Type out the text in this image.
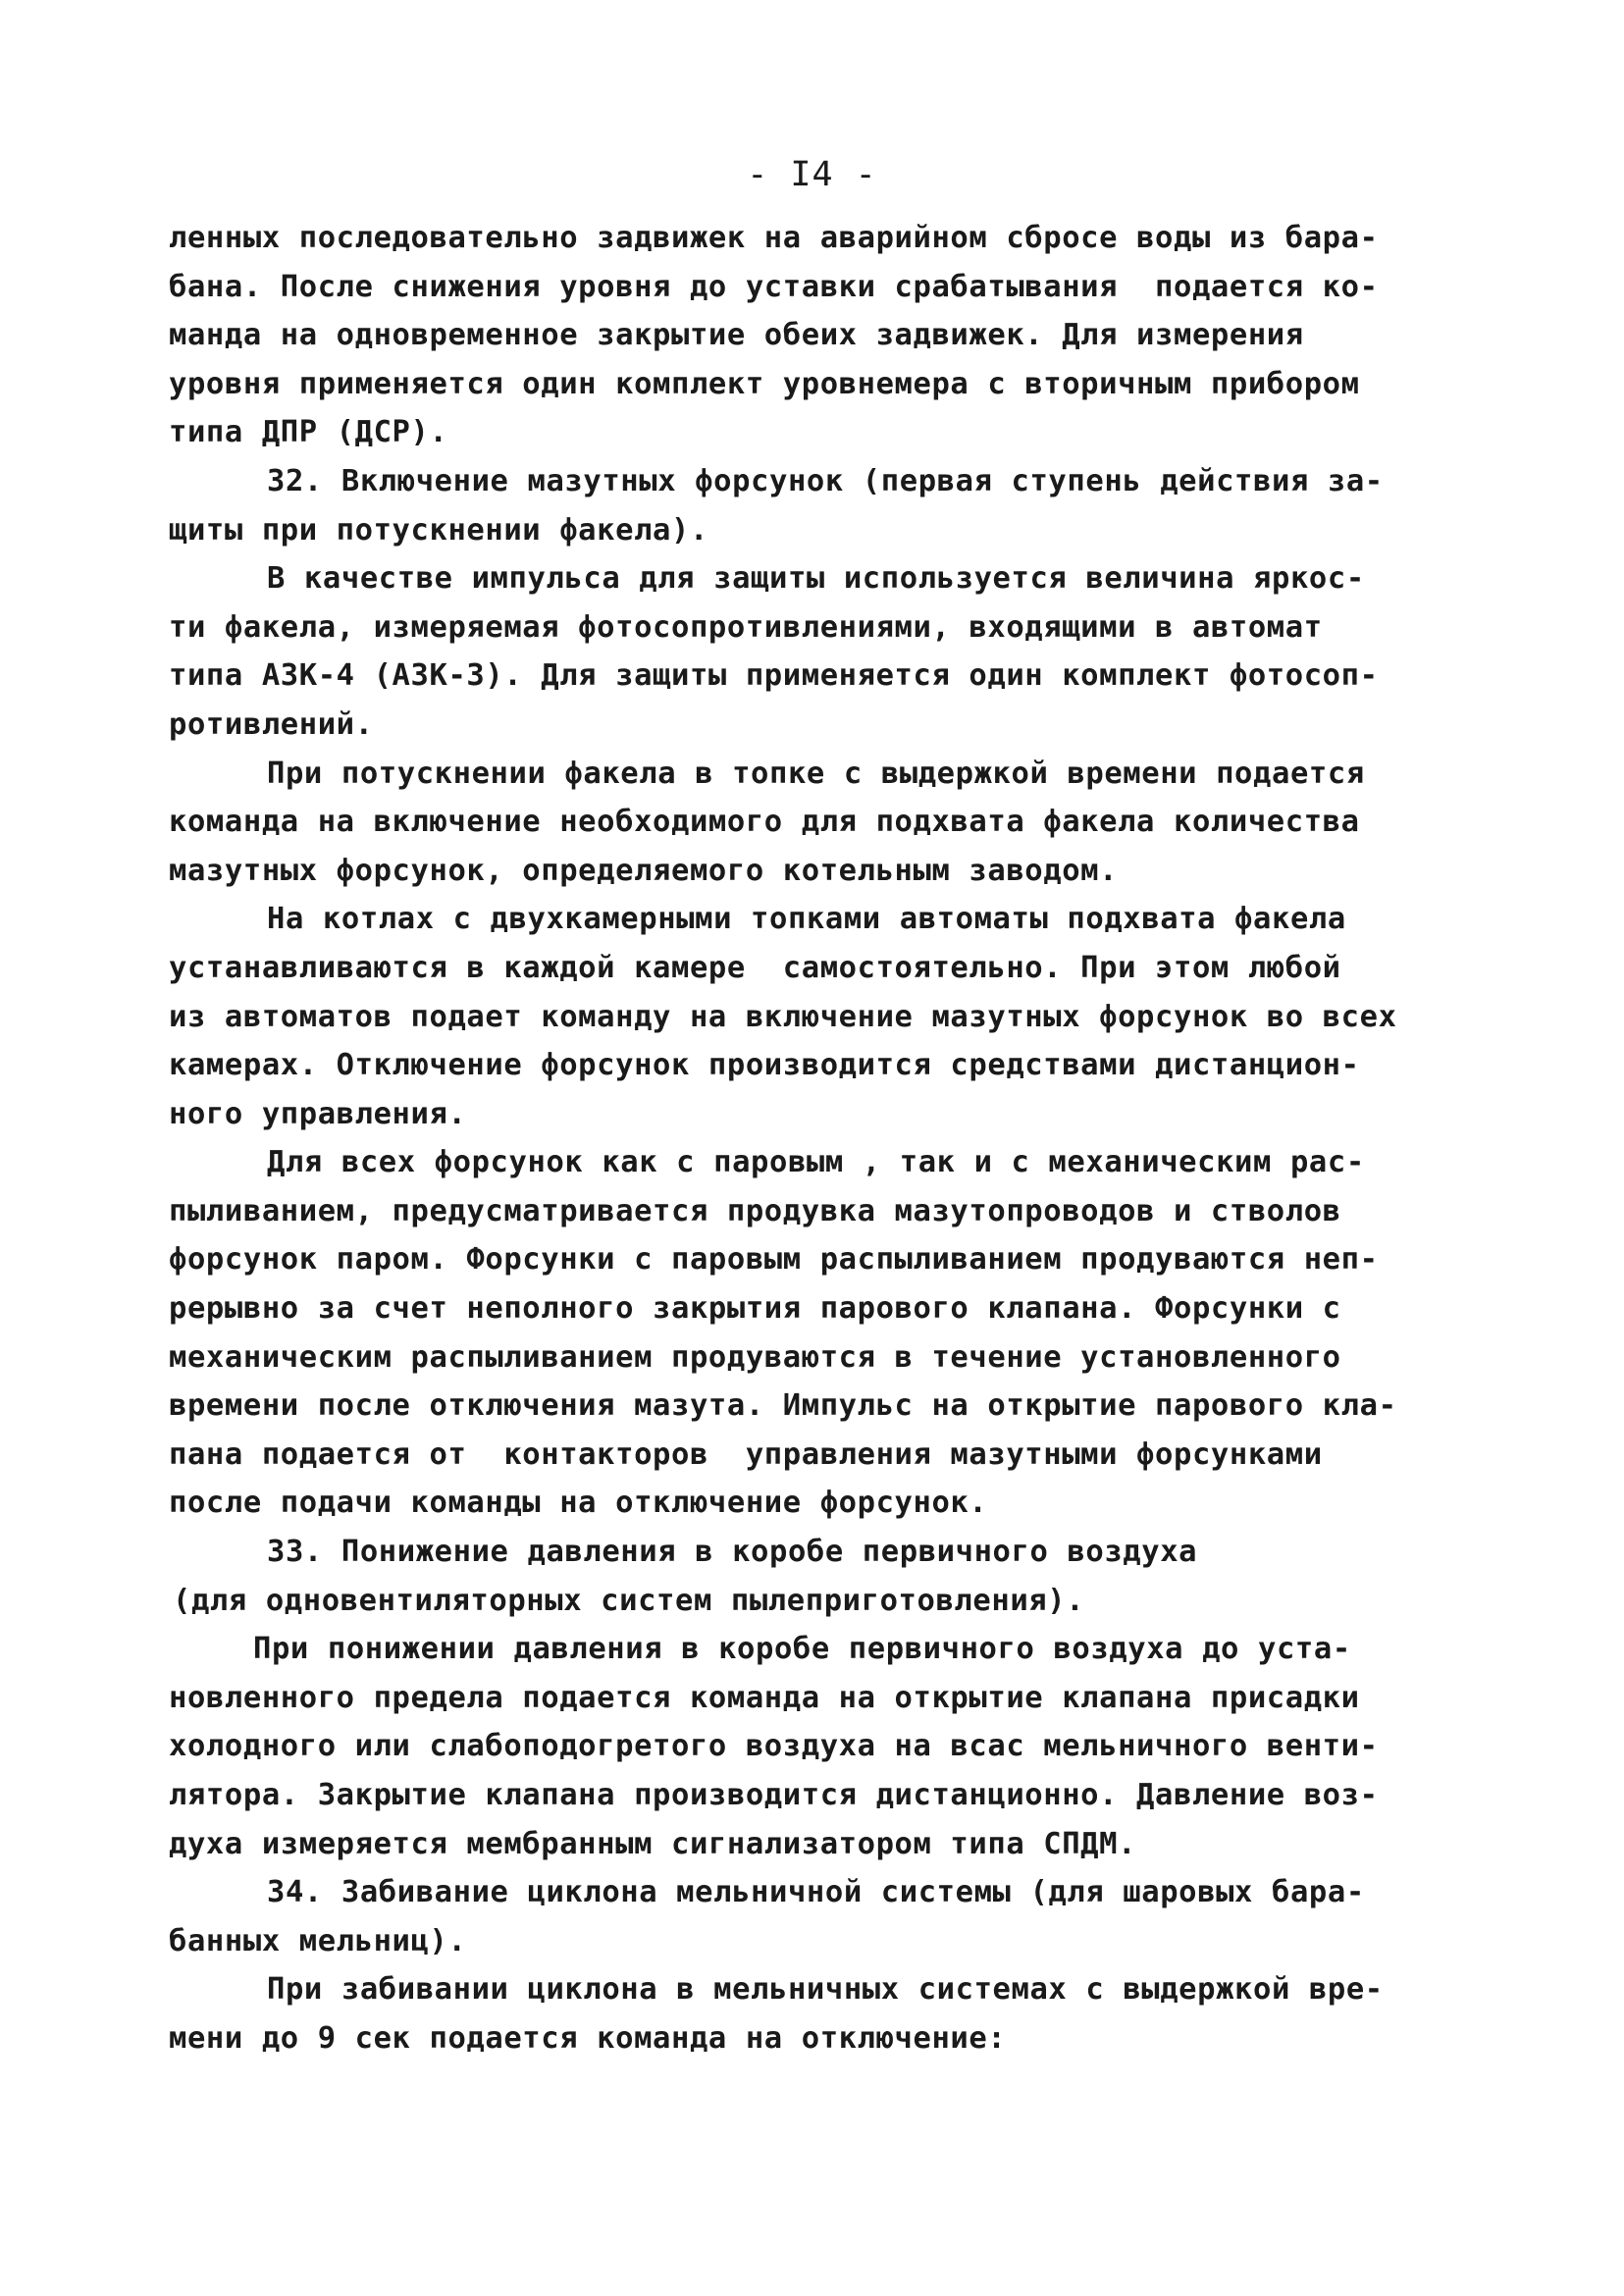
- I4 -
ленных последовательно задвижек на аварийном сбросе воды из бара-
бана. После снижения уровня до уставки срабатывания  подается ко-
манда на одновременное закрытие обеих задвижек. Для измерения
уровня применяется один комплект уровнемера с вторичным прибором
типа ДПР (ДСР).
32. Включение мазутных форсунок (первая ступень действия за-
щиты при потускнении факела).
В качестве импульса для защиты используется величина яркос-
ти факела, измеряемая фотосопротивлениями, входящими в автомат
типа АЗК-4 (АЗК-3). Для защиты применяется один комплект фотосоп-
ротивлений.
При потускнении факела в топке с выдержкой времени подается
команда на включение необходимого для подхвата факела количества
мазутных форсунок, определяемого котельным заводом.
На котлах с двухкамерными топками автоматы подхвата факела
устанавливаются в каждой камере  самостоятельно. При этом любой
из автоматов подает команду на включение мазутных форсунок во всех
камерах. Отключение форсунок производится средствами дистанцион-
ного управления.
Для всех форсунок как с паровым , так и с механическим рас-
пыливанием, предусматривается продувка мазутопроводов и стволов
форсунок паром. Форсунки с паровым распыливанием продуваются неп-
рерывно за счет неполного закрытия парового клапана. Форсунки с
механическим распыливанием продуваются в течение установленного
времени после отключения мазута. Импульс на открытие парового кла-
пана подается от  контакторов  управления мазутными форсунками
после подачи команды на отключение форсунок.
33. Понижение давления в коробе первичного воздуха
(для одновентиляторных систем пылеприготовления).
При понижении давления в коробе первичного воздуха до уста-
новленного предела подается команда на открытие клапана присадки
холодного или слабоподогретого воздуха на всас мельничного венти-
лятора. Закрытие клапана производится дистанционно. Давление воз-
духа измеряется мембранным сигнализатором типа СПДМ.
34. Забивание циклона мельничной системы (для шаровых бара-
банных мельниц).
При забивании циклона в мельничных системах с выдержкой вре-
мени до 9 сек подается команда на отключение:
